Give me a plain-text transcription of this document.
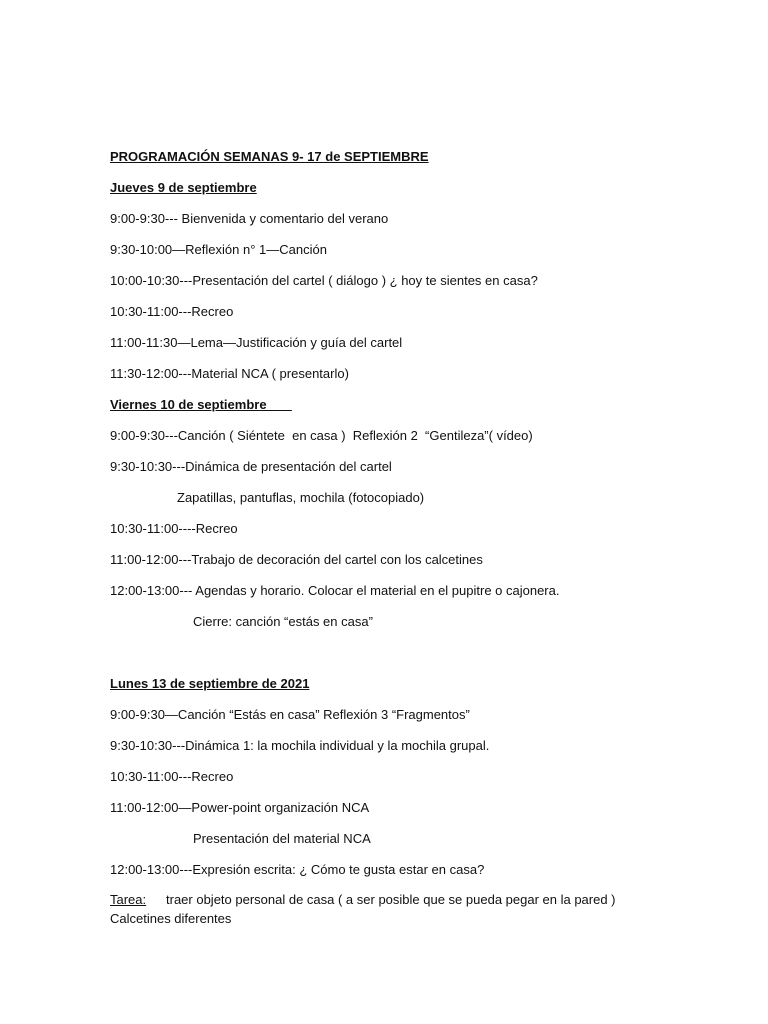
PROGRAMACIÓN SEMANAS 9- 17 de SEPTIEMBRE
Jueves 9 de septiembre
9:00-9:30--- Bienvenida y comentario del verano
9:30-10:00—Reflexión n° 1—Canción
10:00-10:30---Presentación del cartel ( diálogo ) ¿ hoy te sientes en casa?
10:30-11:00---Recreo
11:00-11:30—Lema—Justificación y guía del cartel
11:30-12:00---Material NCA ( presentarlo)
Viernes 10 de septiembre
9:00-9:30---Canción ( Siéntete  en casa )  Reflexión 2  “Gentileza”( vídeo)
9:30-10:30---Dinámica de presentación del cartel
Zapatillas, pantuflas, mochila (fotocopiado)
10:30-11:00----Recreo
11:00-12:00---Trabajo de decoración del cartel con los calcetines
12:00-13:00--- Agendas y horario. Colocar el material en el pupitre o cajonera.
Cierre: canción “estás en casa”
Lunes 13 de septiembre de 2021
9:00-9:30—Canción “Estás en casa” Reflexión 3 “Fragmentos”
9:30-10:30---Dinámica 1: la mochila individual y la mochila grupal.
10:30-11:00---Recreo
11:00-12:00—Power-point organización NCA
Presentación del material NCA
12:00-13:00---Expresión escrita: ¿ Cómo te gusta estar en casa?
Tarea: traer objeto personal de casa ( a ser posible que se pueda pegar en la pared )
Calcetines diferentes
